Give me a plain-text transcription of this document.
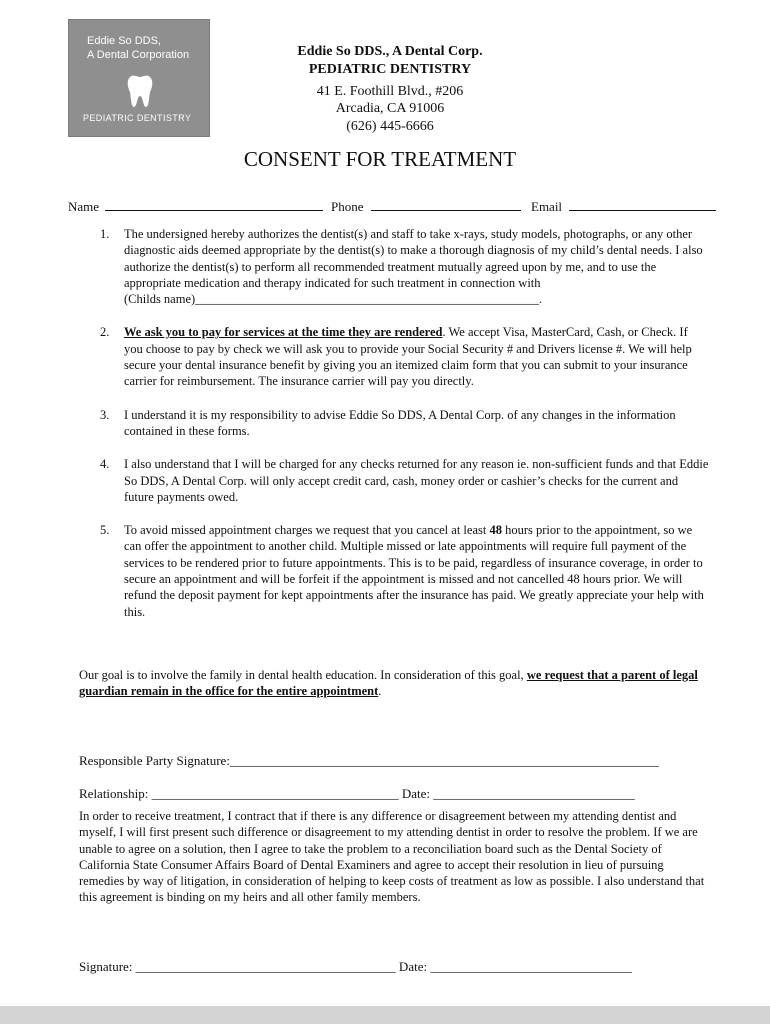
Eddie So DDS,
A Dental Corporation
PEDIATRIC DENTISTRY
Eddie So DDS., A Dental Corp.
PEDIATRIC DENTISTRY
41 E. Foothill Blvd., #206
Arcadia, CA 91006
(626) 445-6666
CONSENT FOR TREATMENT
Name	Phone	Email
1. The undersigned hereby authorizes the dentist(s) and staff to take x-rays, study models, photographs, or any other diagnostic aids deemed appropriate by the dentist(s) to make a thorough diagnosis of my child’s dental needs. I also authorize the dentist(s) to perform all recommended treatment mutually agreed upon by me, and to use the appropriate medication and therapy indicated for such treatment in connection with
(Childs name)_______________________________________________________.
2. We ask you to pay for services at the time they are rendered. We accept Visa, MasterCard, Cash, or Check. If you choose to pay by check we will ask you to provide your Social Security # and Drivers license #. We will help secure your dental insurance benefit by giving you an itemized claim form that you can submit to your insurance carrier for reimbursement. The insurance carrier will pay you directly.
3. I understand it is my responsibility to advise Eddie So DDS, A Dental Corp. of any changes in the information contained in these forms.
4. I also understand that I will be charged for any checks returned for any reason ie. non-sufficient funds and that Eddie So DDS, A Dental Corp. will only accept credit card, cash, money order or cashier’s checks for the current and future payments owed.
5. To avoid missed appointment charges we request that you cancel at least 48 hours prior to the appointment, so we can offer the appointment to another child. Multiple missed or late appointments will require full payment of the services to be rendered prior to future appointments. This is to be paid, regardless of insurance coverage, in order to secure an appointment and will be forfeit if the appointment is missed and not cancelled 48 hours prior. We will refund the deposit payment for kept appointments after the insurance has paid. We greatly appreciate your help with this.
Our goal is to involve the family in dental health education. In consideration of this goal, we request that a parent of legal guardian remain in the office for the entire appointment.
Responsible Party Signature:__________________________________________________________________
Relationship: ______________________________________ Date: _______________________________
In order to receive treatment, I contract that if there is any difference or disagreement between my attending dentist and myself, I will first present such difference or disagreement to my attending dentist in order to resolve the problem. If we are unable to agree on a solution, then I agree to take the problem to a reconciliation board such as the Dental Society of California State Consumer Affairs Board of Dental Examiners and agree to accept their resolution in lieu of pursuing remedies by way of litigation, in consideration of helping to keep costs of treatment as low as possible. I also understand that this agreement is binding on my heirs and all other family members.
Signature: ________________________________________ Date: _______________________________
